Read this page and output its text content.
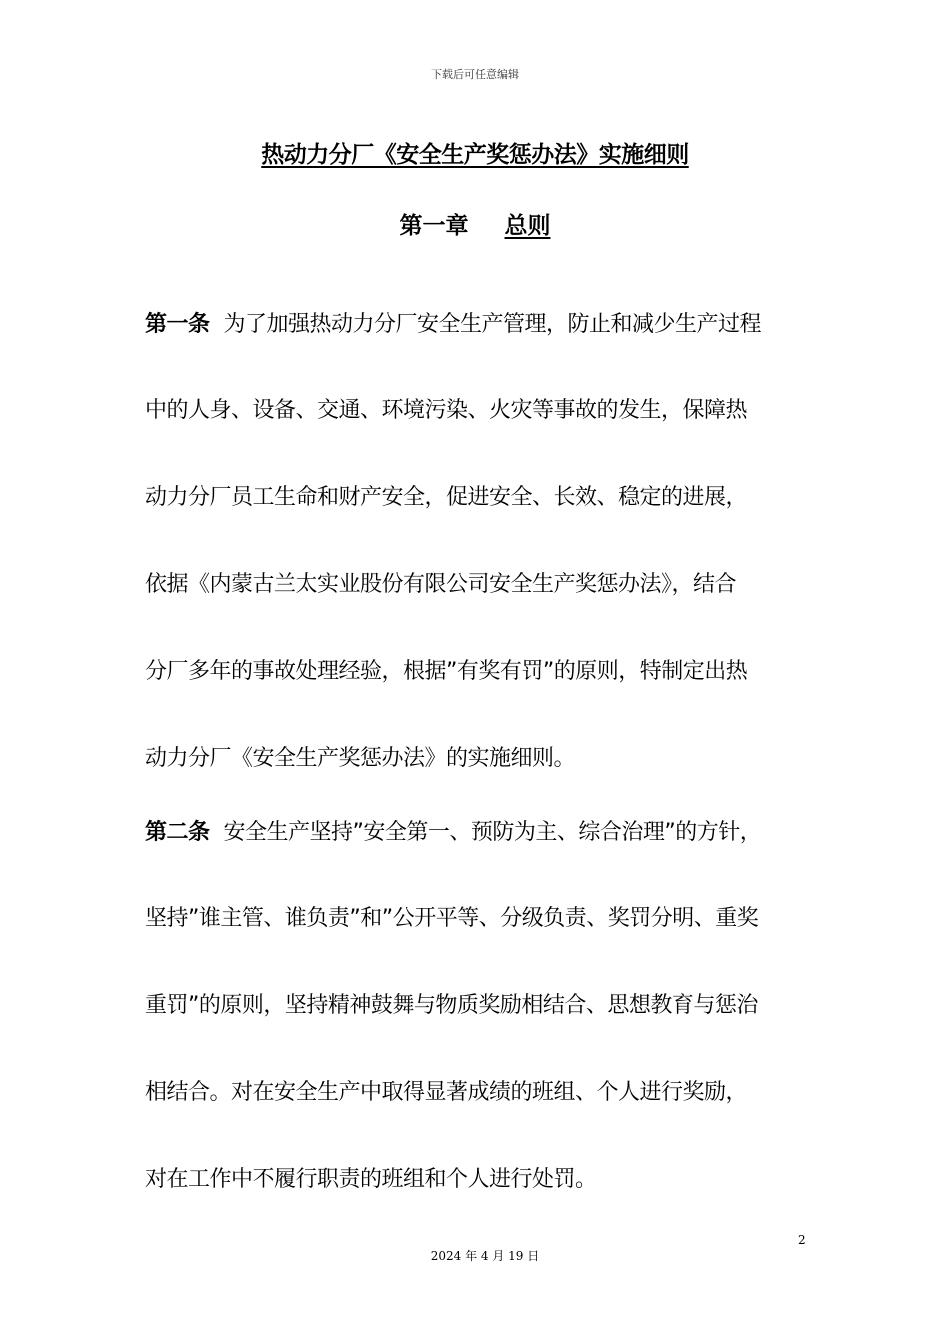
下载后可任意编辑
热动力分厂《安全生产奖惩办法》实施细则
第一章 总则
第一条 为了加强热动力分厂安全生产管理，防止和减少生产过程
中的人身、设备、交通、环境污染、火灾等事故的发生，保障热
动力分厂员工生命和财产安全，促进安全、长效、稳定的进展，
依据《内蒙古兰太实业股份有限公司安全生产奖惩办法》，结合
分厂多年的事故处理经验，根据”有奖有罚”的原则，特制定出热
动力分厂《安全生产奖惩办法》的实施细则。
第二条 安全生产坚持”安全第一、预防为主、综合治理”的方针，
坚持”谁主管、谁负责”和”公开平等、分级负责、奖罚分明、重奖
重罚”的原则，坚持精神鼓舞与物质奖励相结合、思想教育与惩治
相结合。对在安全生产中取得显著成绩的班组、个人进行奖励，
对在工作中不履行职责的班组和个人进行处罚。
2
2024 年 4 月 19 日
